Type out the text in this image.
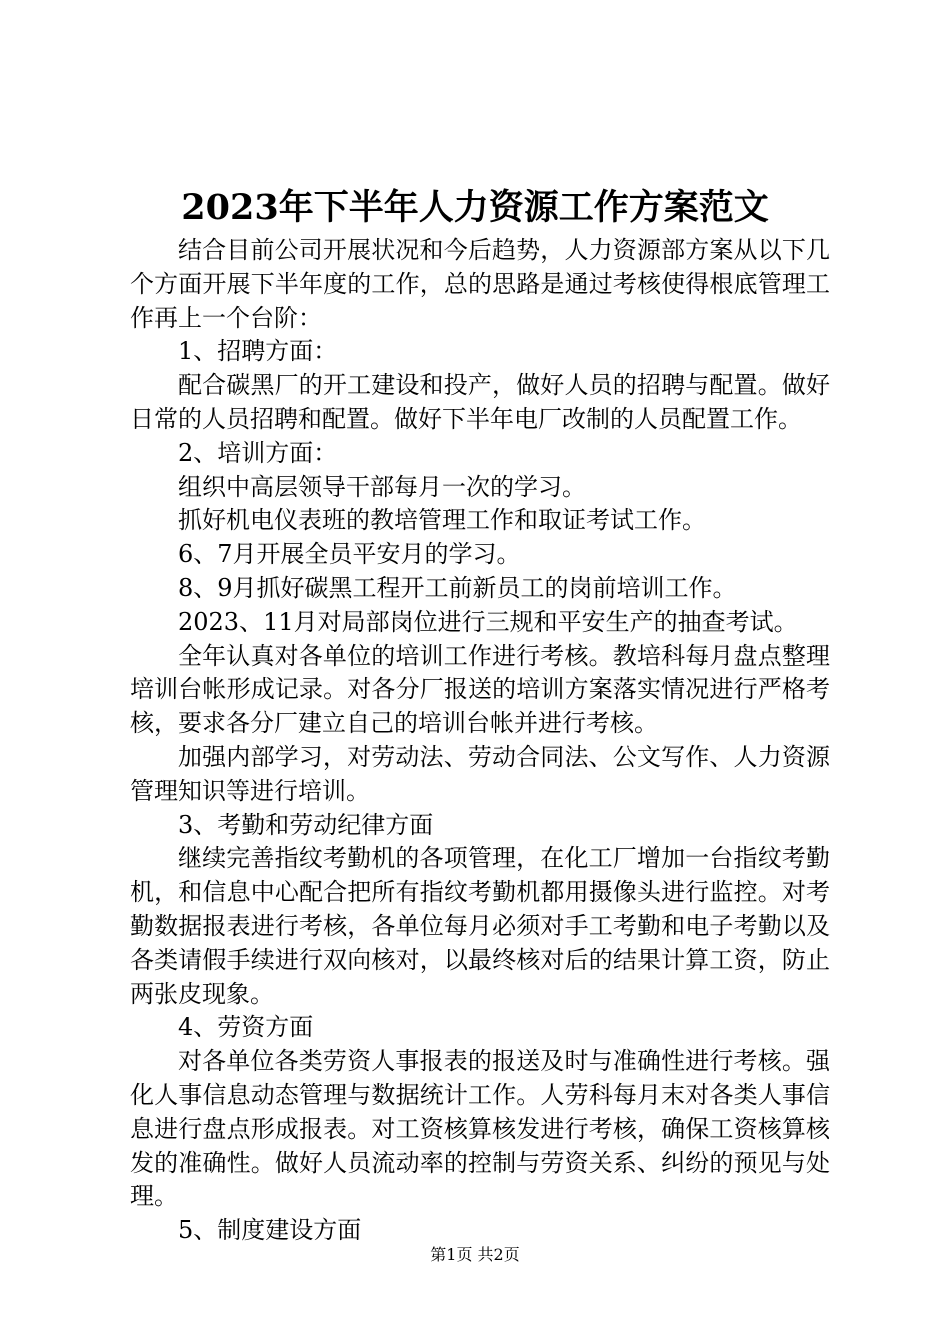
2023年下半年人力资源工作方案范文

结合目前公司开展状况和今后趋势，人力资源部方案从以下几个方面开展下半年度的工作，总的思路是通过考核使得根底管理工作再上一个台阶：

1、招聘方面：

配合碳黑厂的开工建设和投产，做好人员的招聘与配置。做好日常的人员招聘和配置。做好下半年电厂改制的人员配置工作。

2、培训方面：

组织中高层领导干部每月一次的学习。

抓好机电仪表班的教培管理工作和取证考试工作。

6、7月开展全员平安月的学习。

8、9月抓好碳黑工程开工前新员工的岗前培训工作。

2023、11月对局部岗位进行三规和平安生产的抽查考试。

全年认真对各单位的培训工作进行考核。教培科每月盘点整理培训台帐形成记录。对各分厂报送的培训方案落实情况进行严格考核，要求各分厂建立自己的培训台帐并进行考核。

加强内部学习，对劳动法、劳动合同法、公文写作、人力资源管理知识等进行培训。

3、考勤和劳动纪律方面

继续完善指纹考勤机的各项管理，在化工厂增加一台指纹考勤机，和信息中心配合把所有指纹考勤机都用摄像头进行监控。对考勤数据报表进行考核，各单位每月必须对手工考勤和电子考勤以及各类请假手续进行双向核对，以最终核对后的结果计算工资，防止两张皮现象。

4、劳资方面

对各单位各类劳资人事报表的报送及时与准确性进行考核。强化人事信息动态管理与数据统计工作。人劳科每月末对各类人事信息进行盘点形成报表。对工资核算核发进行考核，确保工资核算核发的准确性。做好人员流动率的控制与劳资关系、纠纷的预见与处理。

5、制度建设方面

第1页 共2页
